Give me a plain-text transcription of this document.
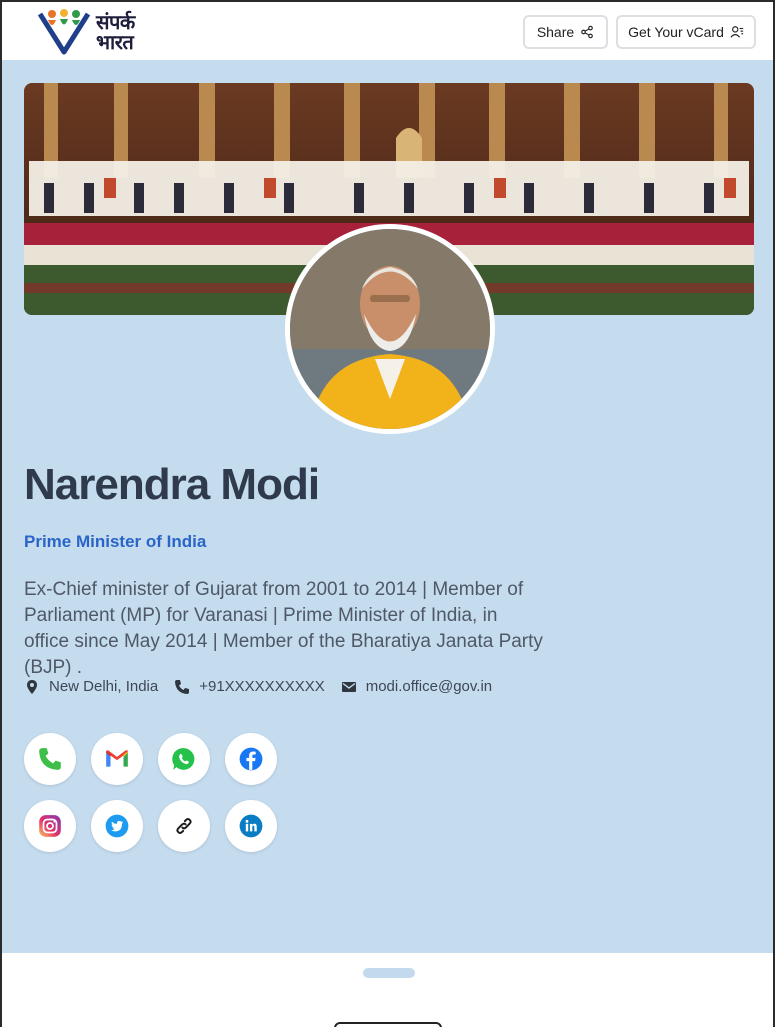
संपर्क
भारत	Share	Get Your vCard
Narendra Modi
Prime Minister of India
Ex-Chief minister of Gujarat from 2001 to 2014 | Member of Parliament (MP) for Varanasi | Prime Minister of India, in office since May 2014 | Member of the Bharatiya Janata Party (BJP) .
New Delhi, India	+91XXXXXXXXXX	modi.office@gov.in
